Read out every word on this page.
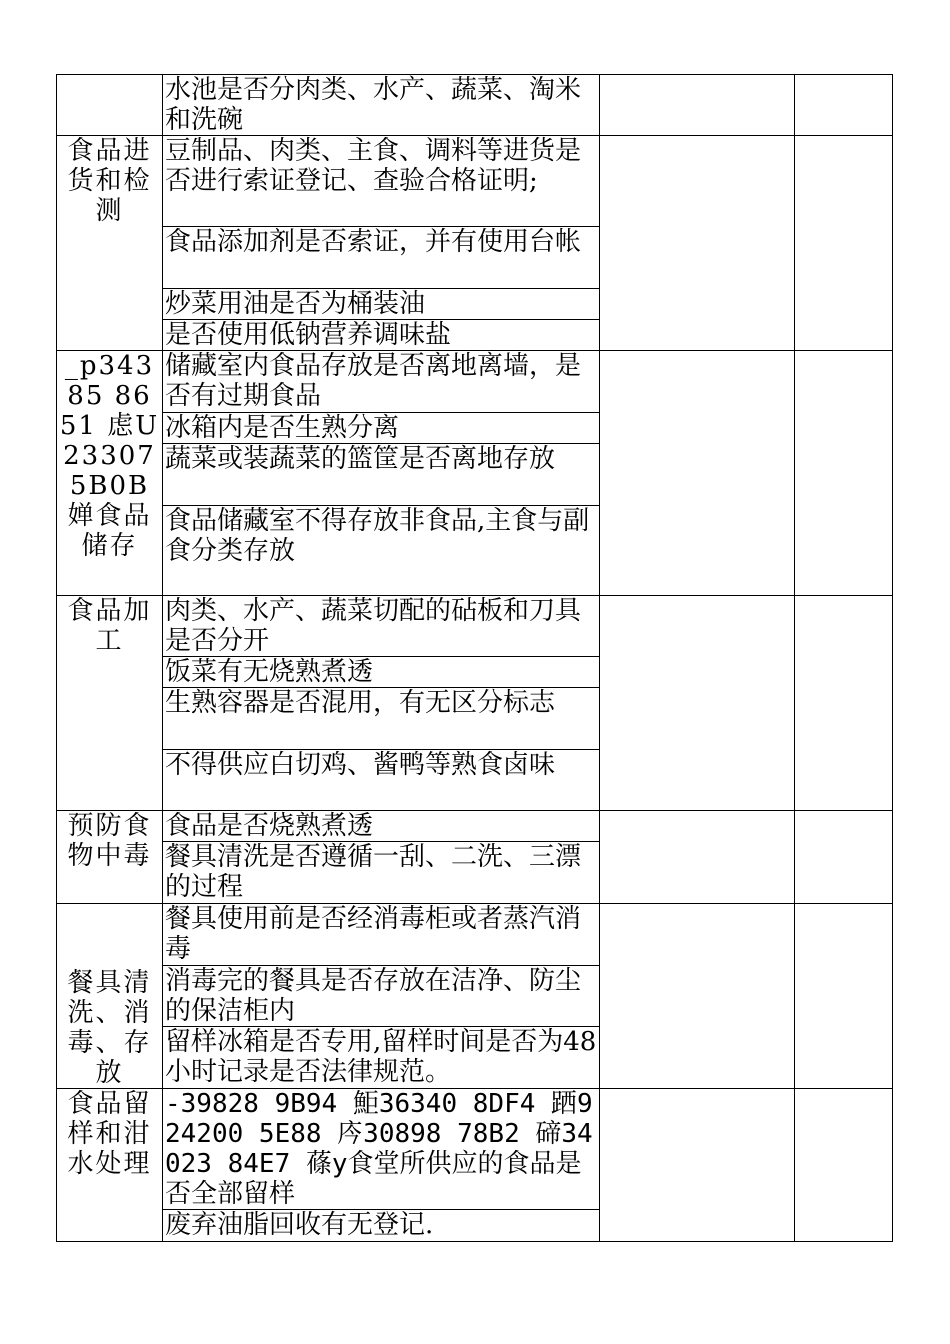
	水池是否分肉类、水产、蔬菜、淘米和洗碗		
食品进货和检测	豆制品、肉类、主食、调料等进货是否进行索证登记、查验合格证明;		
	食品添加剂是否索证，并有使用台帐		
	炒菜用油是否为桶装油		
	是否使用低钠营养调味盐		
_p34385 8651 虑U233075B0B 婵食品储存	储藏室内食品存放是否离地离墙，是否有过期食品		
	冰箱内是否生熟分离		
	蔬菜或装蔬菜的篮筐是否离地存放		
	食品储藏室不得存放非食品,主食与副食分类存放		
食品加工	肉类、水产、蔬菜切配的砧板和刀具是否分开		
	饭菜有无烧熟煮透		
	生熟容器是否混用，有无区分标志		
	不得供应白切鸡、酱鸭等熟食卤味		
预防食物中毒	食品是否烧熟煮透		
	餐具清洗是否遵循一刮、二洗、三漂的过程		
餐具清洗、消毒、存放	餐具使用前是否经消毒柜或者蒸汽消毒		
	消毒完的餐具是否存放在洁净、防尘的保洁柜内		
	留样冰箱是否专用,留样时间是否为48小时记录是否法律规范。		
食品留样和泔水处理	-39828 9B94 鮔36340 8DF4 跴924200 5E88 庈30898 78B2 碲34023 84E7 蓧y食堂所供应的食品是否全部留样		
	废弃油脂回收有无登记.		
